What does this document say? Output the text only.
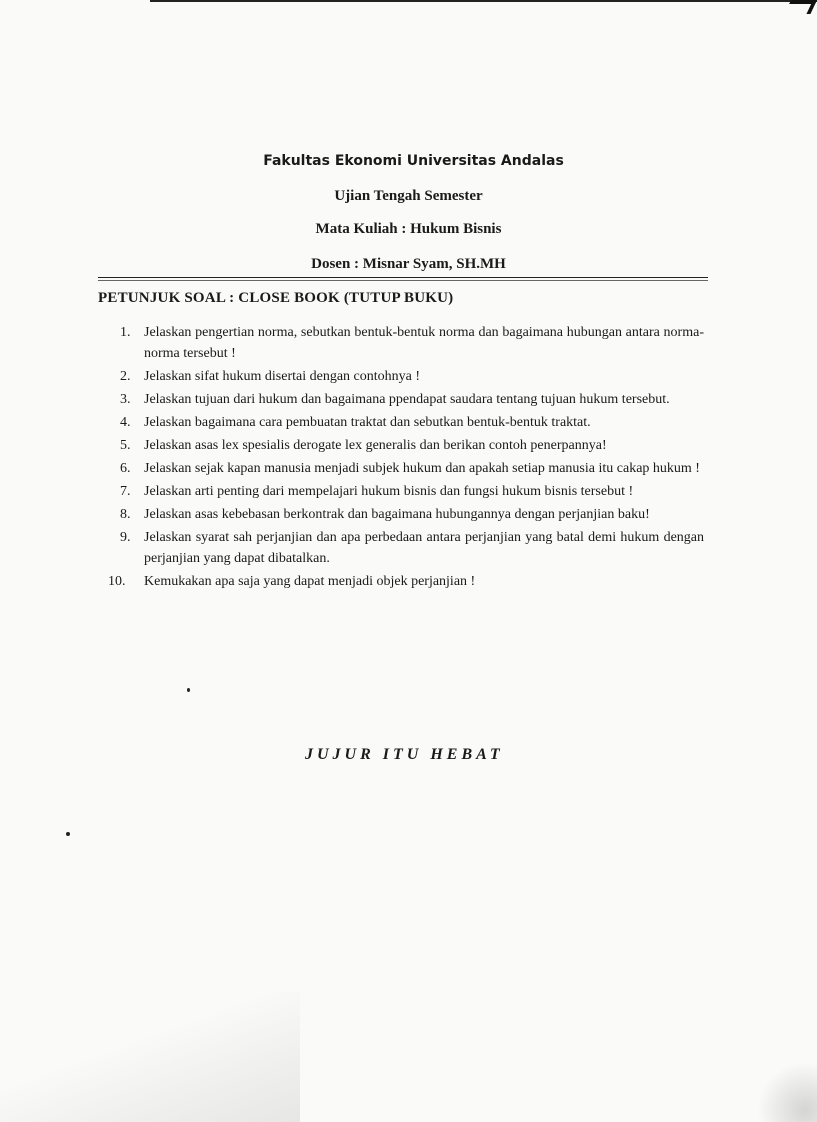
Fakultas Ekonomi Universitas Andalas
Ujian Tengah Semester
Mata Kuliah : Hukum Bisnis
Dosen : Misnar Syam, SH.MH
PETUNJUK SOAL : CLOSE BOOK (TUTUP BUKU)
1. Jelaskan pengertian norma, sebutkan bentuk-bentuk norma dan bagaimana hubungan antara norma-norma tersebut !
2. Jelaskan sifat hukum disertai dengan contohnya !
3. Jelaskan tujuan dari hukum dan bagaimana ppendapat saudara tentang tujuan hukum tersebut.
4. Jelaskan bagaimana cara pembuatan traktat dan sebutkan bentuk-bentuk traktat.
5. Jelaskan asas lex spesialis derogate lex generalis dan berikan contoh penerpannya!
6. Jelaskan sejak kapan manusia menjadi subjek hukum dan apakah setiap manusia itu cakap hukum !
7. Jelaskan arti penting dari mempelajari hukum bisnis dan fungsi hukum bisnis tersebut !
8. Jelaskan asas kebebasan berkontrak dan bagaimana hubungannya dengan perjanjian baku!
9. Jelaskan syarat sah perjanjian dan apa perbedaan antara perjanjian yang batal demi hukum dengan perjanjian yang dapat dibatalkan.
10.	Kemukakan apa saja yang dapat menjadi objek perjanjian !
JUJUR ITU HEBAT
